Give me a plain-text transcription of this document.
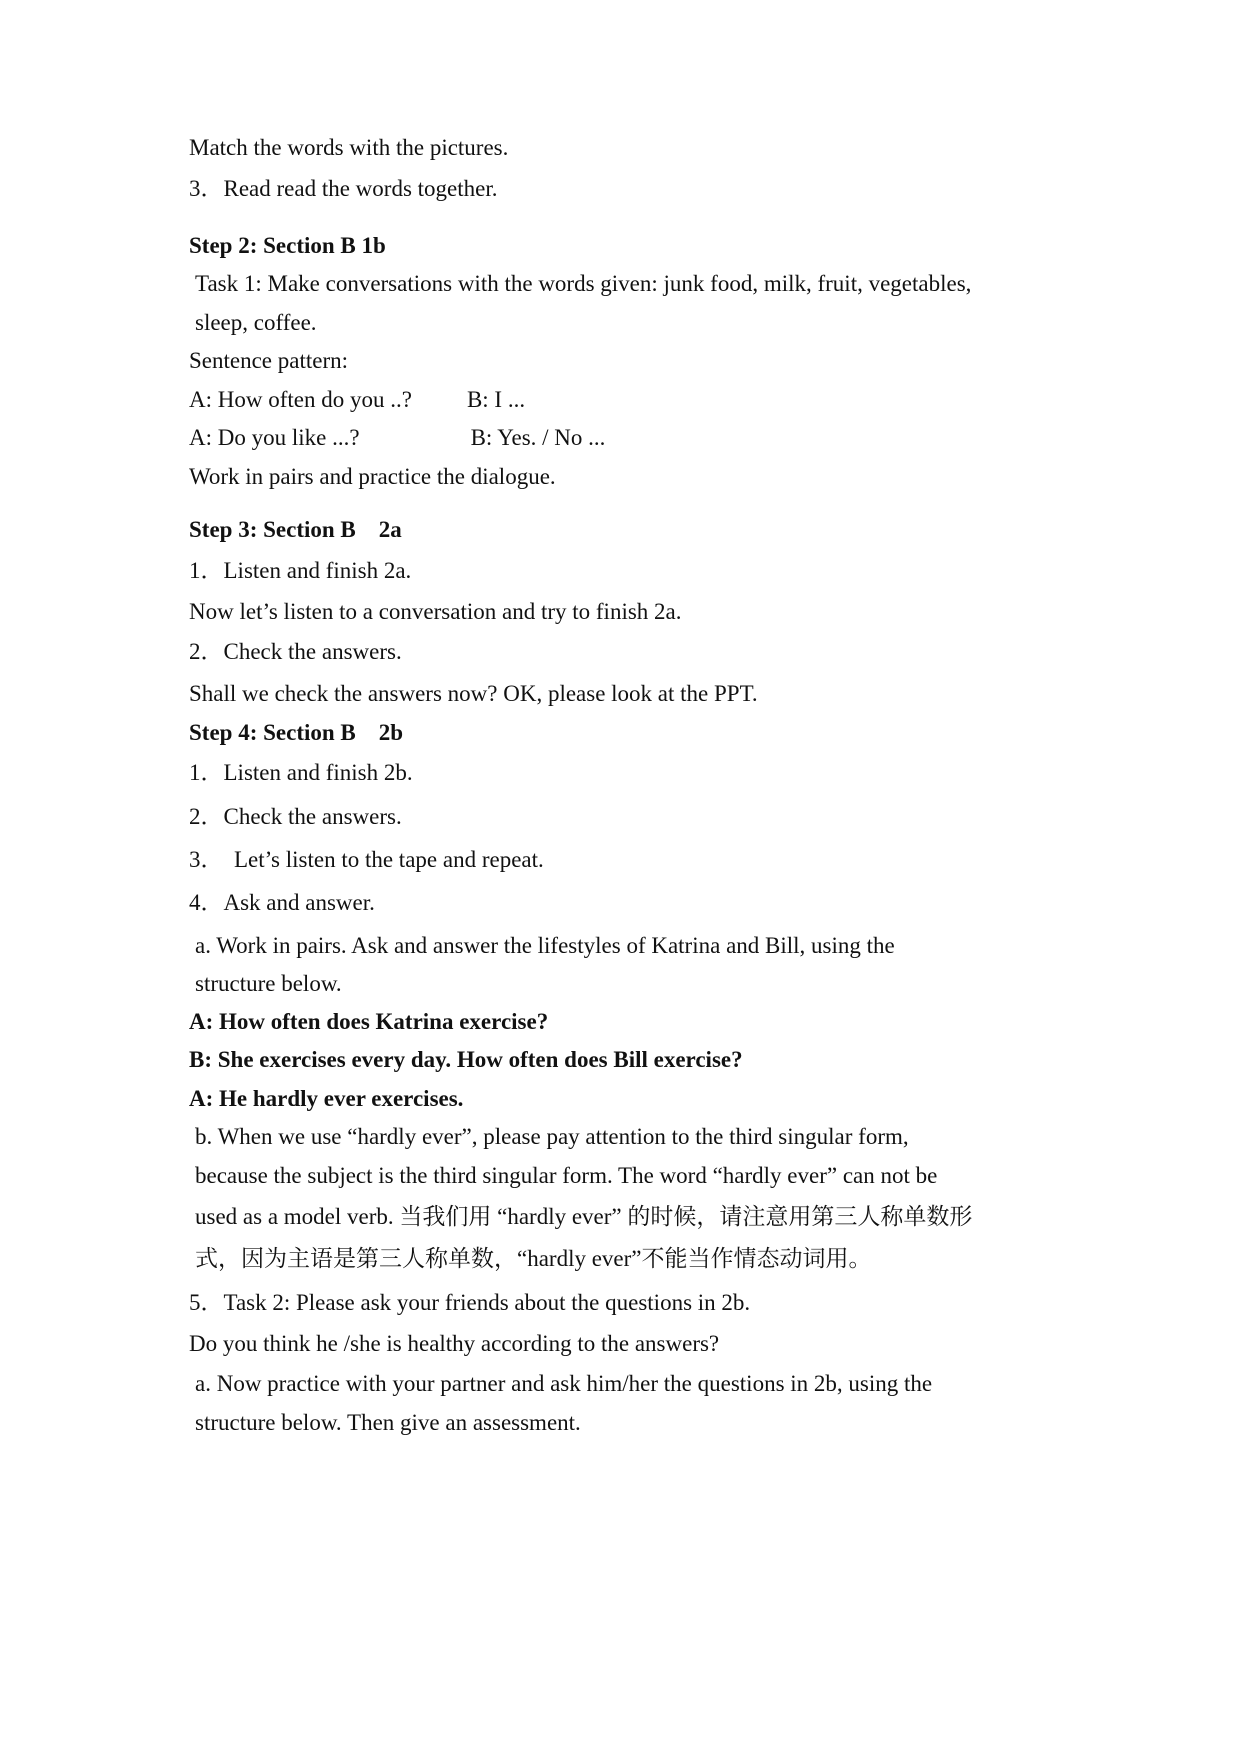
Match the words with the pictures.
3．Read read the words together.
Step 2: Section B 1b
Task 1: Make conversations with the words given: junk food, milk, fruit, vegetables,
sleep, coffee.
Sentence pattern:
A: How often do you ..? B: I ...
A: Do you like ...?	B: Yes. / No ...
Work in pairs and practice the dialogue.
Step 3: Section B    2a
1．Listen and finish 2a.
Now let’s listen to a conversation and try to finish 2a.
2．Check the answers.
Shall we check the answers now? OK, please look at the PPT.
Step 4: Section B    2b
1．Listen and finish 2b.
2．Check the answers.
3． Let’s listen to the tape and repeat.
4．Ask and answer.
a. Work in pairs. Ask and answer the lifestyles of Katrina and Bill, using the
structure below.
A: How often does Katrina exercise?
B: She exercises every day. How often does Bill exercise?
A: He hardly ever exercises.
b. When we use “hardly ever”, please pay attention to the third singular form,
because the subject is the third singular form. The word “hardly ever” can not be
used as a model verb. 当我们用 “hardly ever” 的时候，请注意用第三人称单数形
式，因为主语是第三人称单数，“hardly ever”不能当作情态动词用。
5．Task 2: Please ask your friends about the questions in 2b.
Do you think he /she is healthy according to the answers?
a. Now practice with your partner and ask him/her the questions in 2b, using the
structure below. Then give an assessment.
